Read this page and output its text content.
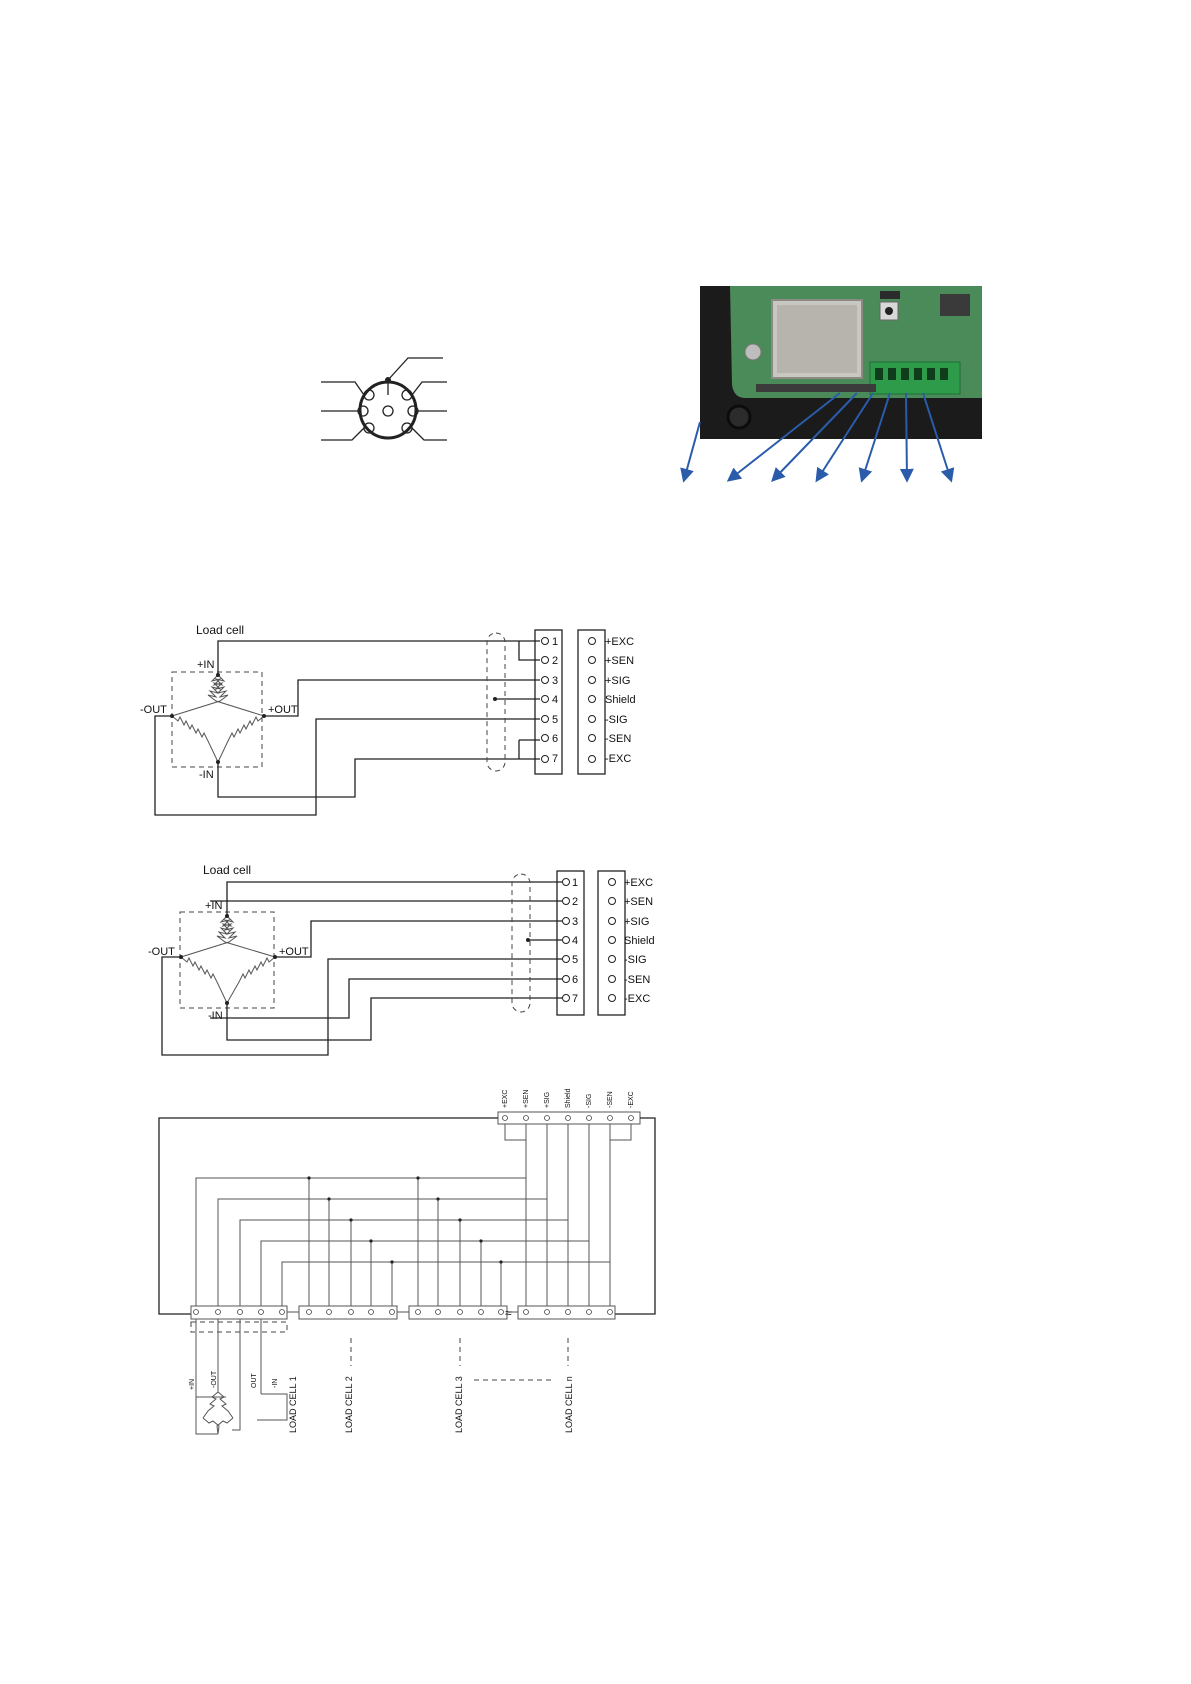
Load cell
+IN
-IN
+OUT
-OUT
1
2
3
4
5
6
7
+EXC
+SEN
+SIG
Shield
-SIG
-SEN
-EXC
Load cell
+IN
-IN
+OUT
-OUT
1
2
3
4
5
6
7
+EXC
+SEN
+SIG
Shield
-SIG
-SEN
-EXC
+EXC +SEN +SIG Shield -SIG -SEN -EXC
≈
+IN -OUT	OUT -IN LOAD CELL 1	LOAD CELL 2	LOAD CELL 3	LOAD CELL n
